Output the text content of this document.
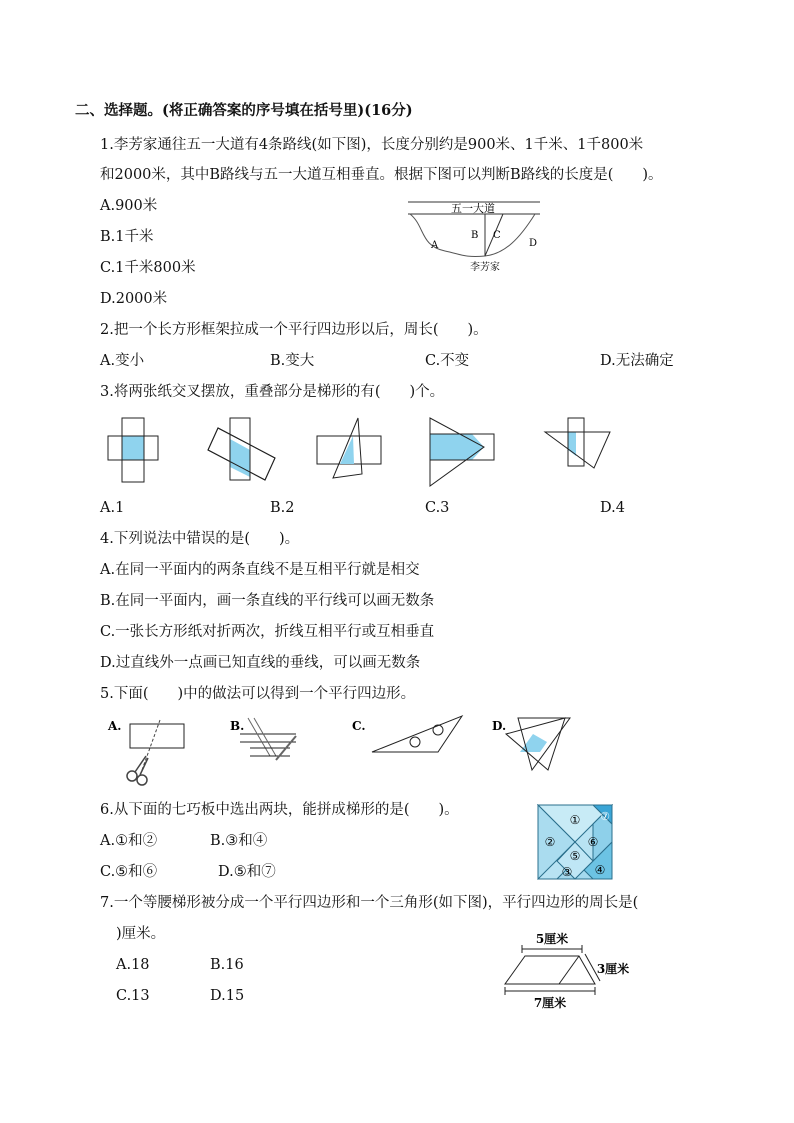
二、选择题。(将正确答案的序号填在括号里)(16分)
1.李芳家通往五一大道有4条路线(如下图)，长度分别约是900米、1千米、1千800米
和2000米，其中B路线与五一大道互相垂直。根据下图可以判断B路线的长度是(　　)。
A.900米
B.1千米
C.1千米800米
D.2000米
五一大道
B C
A	D
李芳家
2.把一个长方形框架拉成一个平行四边形以后，周长(　　)。
A.变小	B.变大	C.不变	D.无法确定
3.将两张纸交叉摆放，重叠部分是梯形的有(　　)个。
A.1	B.2	C.3	D.4
4.下列说法中错误的是(　　)。
A.在同一平面内的两条直线不是互相平行就是相交
B.在同一平面内，画一条直线的平行线可以画无数条
C.一张长方形纸对折两次，折线互相平行或互相垂直
D.过直线外一点画已知直线的垂线，可以画无数条
5.下面(　　)中的做法可以得到一个平行四边形。
A.	B.	C.	D.
6.从下面的七巧板中选出两块，能拼成梯形的是(　　)。
A.①和②	B.③和④
C.⑤和⑥	D.⑤和⑦
①
②
③ ④
⑤
⑥
⑦
7.一个等腰梯形被分成一个平行四边形和一个三角形(如下图)，平行四边形的周长是(
)厘米。
A.18	B.16
C.13	D.15
5厘米
3厘米
7厘米
